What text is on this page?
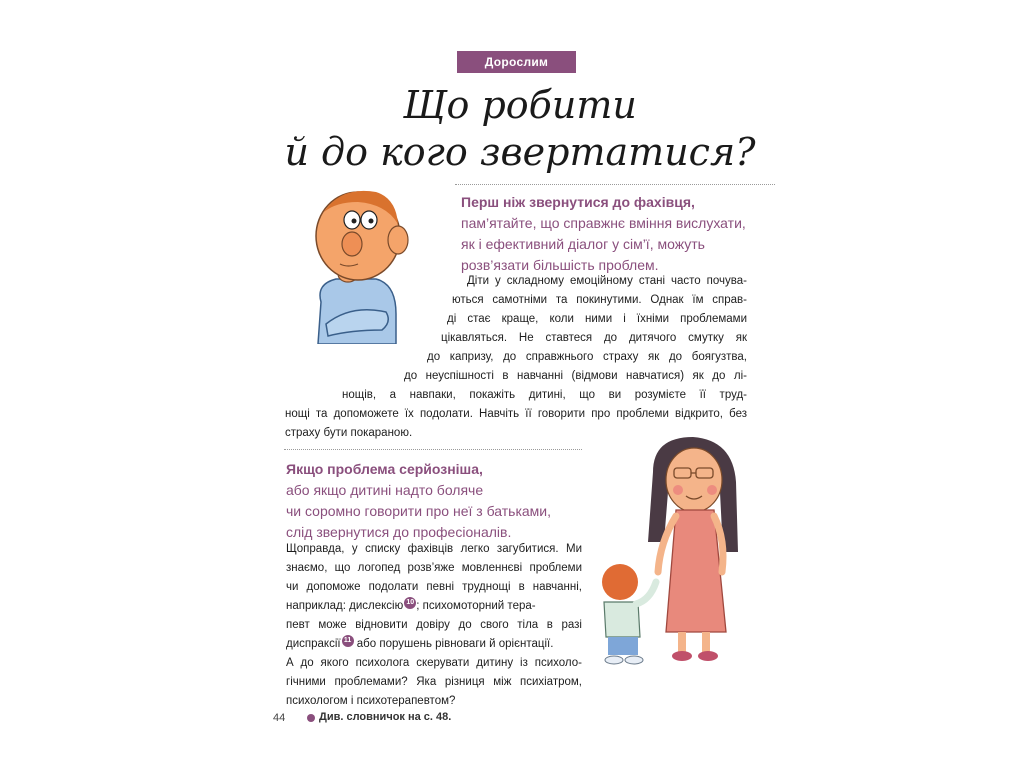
Дорослим
Що робити
й до кого звертатися?
Перш ніж звернутися до фахівця,
пам’ятайте, що справжнє вміння вислухати,
як і ефективний діалог у сім’ї, можуть
розв’язати більшість проблем.
Діти у складному емоційному стані часто почува-
ються самотніми та покинутими. Однак їм справ-
ді стає краще, коли ними і їхніми проблемами
цікавляться. Не ставтеся до дитячого смутку як
до капризу, до справжнього страху як до боягузтва,
до неуспішності в навчанні (відмови навчатися) як до лі-
нощів, а навпаки, покажіть дитині, що ви розумієте її труд-
нощі та допоможете їх подолати. Навчіть її говорити про проблеми відкрито, без
страху бути покараною.
Якщо проблема серйозніша,
або якщо дитині надто боляче
чи соромно говорити про неї з батьками,
слід звернутися до професіоналів.
Щоправда, у списку фахівців легко загубитися. Ми
знаємо, що логопед розв’яже мовленнєві проблеми
чи допоможе подолати певні труднощі в навчанні,
наприклад: дислексію 10 ; психомоторний тера-
певт може відновити довіру до свого тіла в разі
диспраксії 11 або порушень рівноваги й орієнтації.
А до якого психолога скерувати дитину із психоло-
гічними проблемами? Яка різниця між психіатром,
психологом і психотерапевтом?
44	Див. словничок на с. 48.
